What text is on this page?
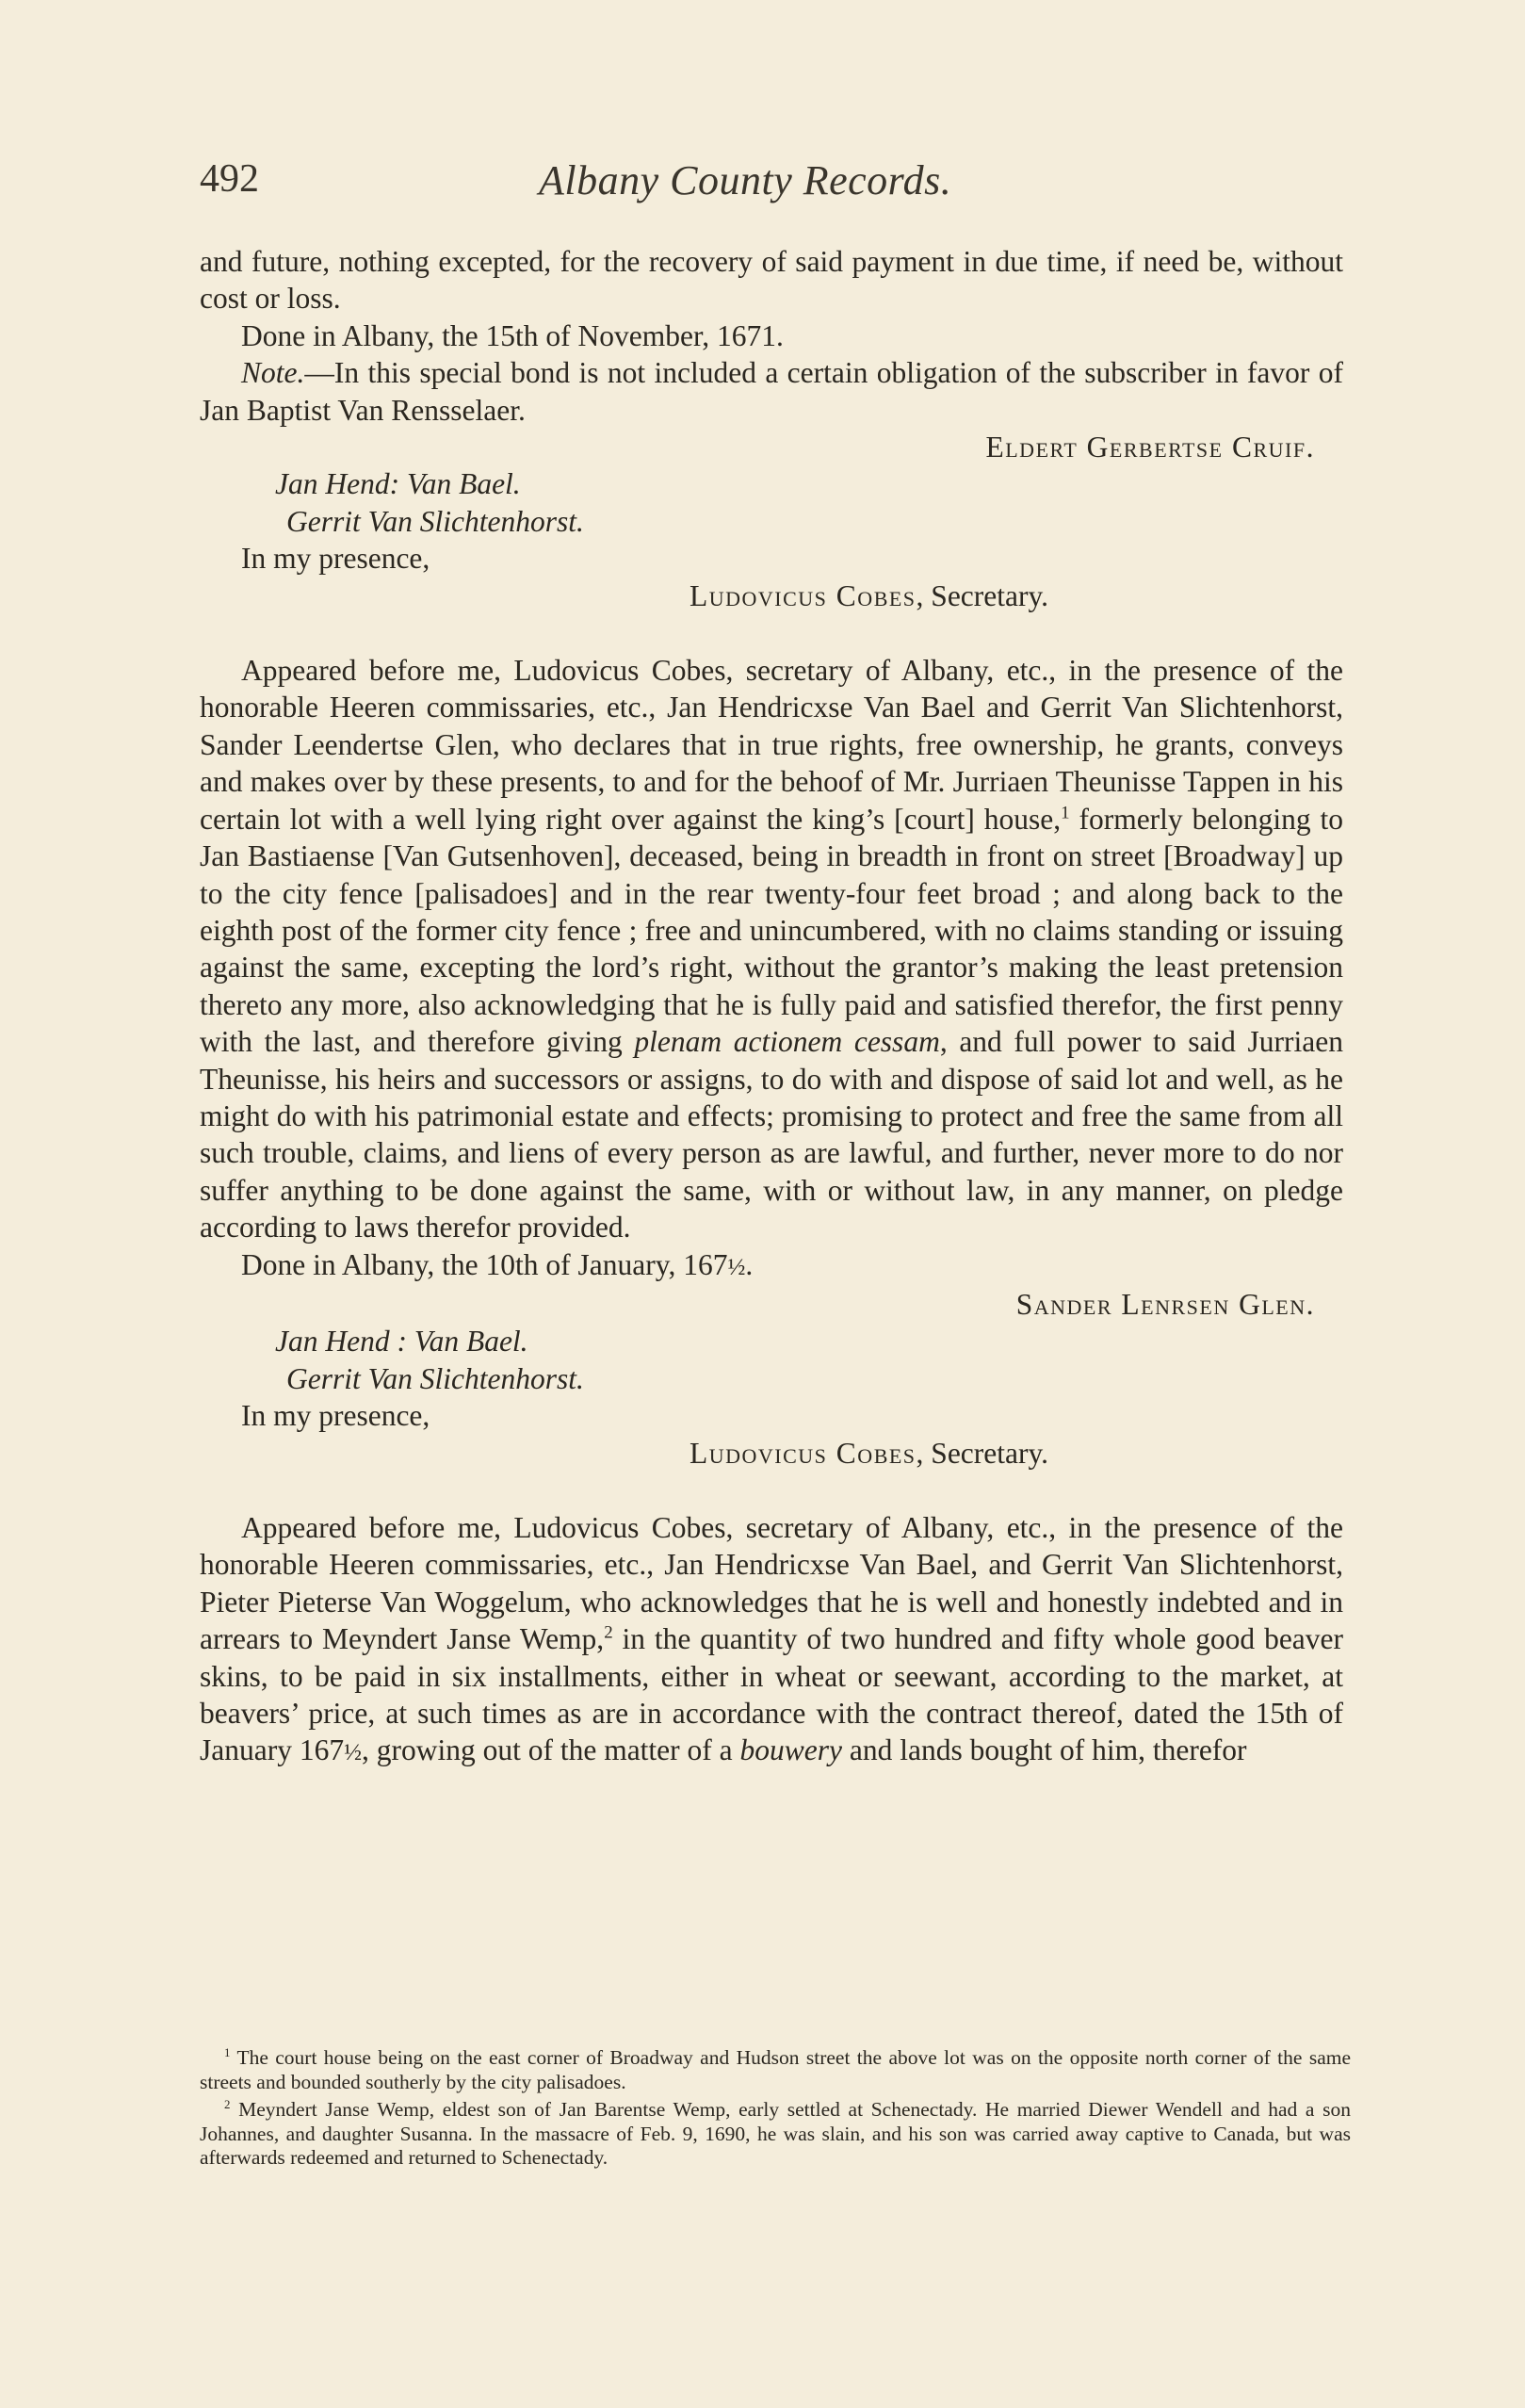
492	Albany County Records.

and future, nothing excepted, for the recovery of said payment in due time, if need be, without cost or loss.

Done in Albany, the 15th of November, 1671.

Note.—In this special bond is not included a certain obligation of the subscriber in favor of Jan Baptist Van Rensselaer.

Eldert Gerbertse Cruif.

Jan Hend: Van Bael.

Gerrit Van Slichtenhorst.

In my presence,

Ludovicus Cobes, Secretary.

Appeared before me, Ludovicus Cobes, secretary of Albany, etc., in the presence of the honorable Heeren commissaries, etc., Jan Hendricxse Van Bael and Gerrit Van Slichtenhorst, Sander Leendertse Glen, who declares that in true rights, free ownership, he grants, conveys and makes over by these presents, to and for the behoof of Mr. Jurriaen Theunisse Tappen in his certain lot with a well lying right over against the king’s [court] house,$^1$ formerly belonging to Jan Bastiaense [Van Gutsenhoven], deceased, being in breadth in front on street [Broadway] up to the city fence [palisadoes] and in the rear twenty-four feet broad ; and along back to the eighth post of the former city fence ; free and unincumbered, with no claims standing or issuing against the same, excepting the lord’s right, without the grantor’s making the least pretension thereto any more, also acknowledging that he is fully paid and satisfied therefor, the first penny with the last, and therefore giving plenam actionem cessam, and full power to said Jurriaen Theunisse, his heirs and successors or assigns, to do with and dispose of said lot and well, as he might do with his patrimonial estate and effects; promising to protect and free the same from all such trouble, claims, and liens of every person as are lawful, and further, never more to do nor suffer anything to be done against the same, with or without law, in any manner, on pledge according to laws therefor provided.

Done in Albany, the 10th of January, 167½.

Sander Lenrsen Glen.

Jan Hend : Van Bael.

Gerrit Van Slichtenhorst.

In my presence,

Ludovicus Cobes, Secretary.

Appeared before me, Ludovicus Cobes, secretary of Albany, etc., in the presence of the honorable Heeren commissaries, etc., Jan Hendricxse Van Bael, and Gerrit Van Slichtenhorst, Pieter Pieterse Van Woggelum, who acknowledges that he is well and honestly indebted and in arrears to Meyndert Janse Wemp,$^2$ in the quantity of two hundred and fifty whole good beaver skins, to be paid in six installments, either in wheat or seewant, according to the market, at beavers’ price, at such times as are in accordance with the contract thereof, dated the 15th of January 167½, growing out of the matter of a bouwery and lands bought of him, therefor

$^1$ The court house being on the east corner of Broadway and Hudson street the above lot was on the opposite north corner of the same streets and bounded southerly by the city palisadoes.

$^2$ Meyndert Janse Wemp, eldest son of Jan Barentse Wemp, early settled at Schenectady. He married Diewer Wendell and had a son Johannes, and daughter Susanna. In the massacre of Feb. 9, 1690, he was slain, and his son was carried away captive to Canada, but was afterwards redeemed and returned to Schenectady.
